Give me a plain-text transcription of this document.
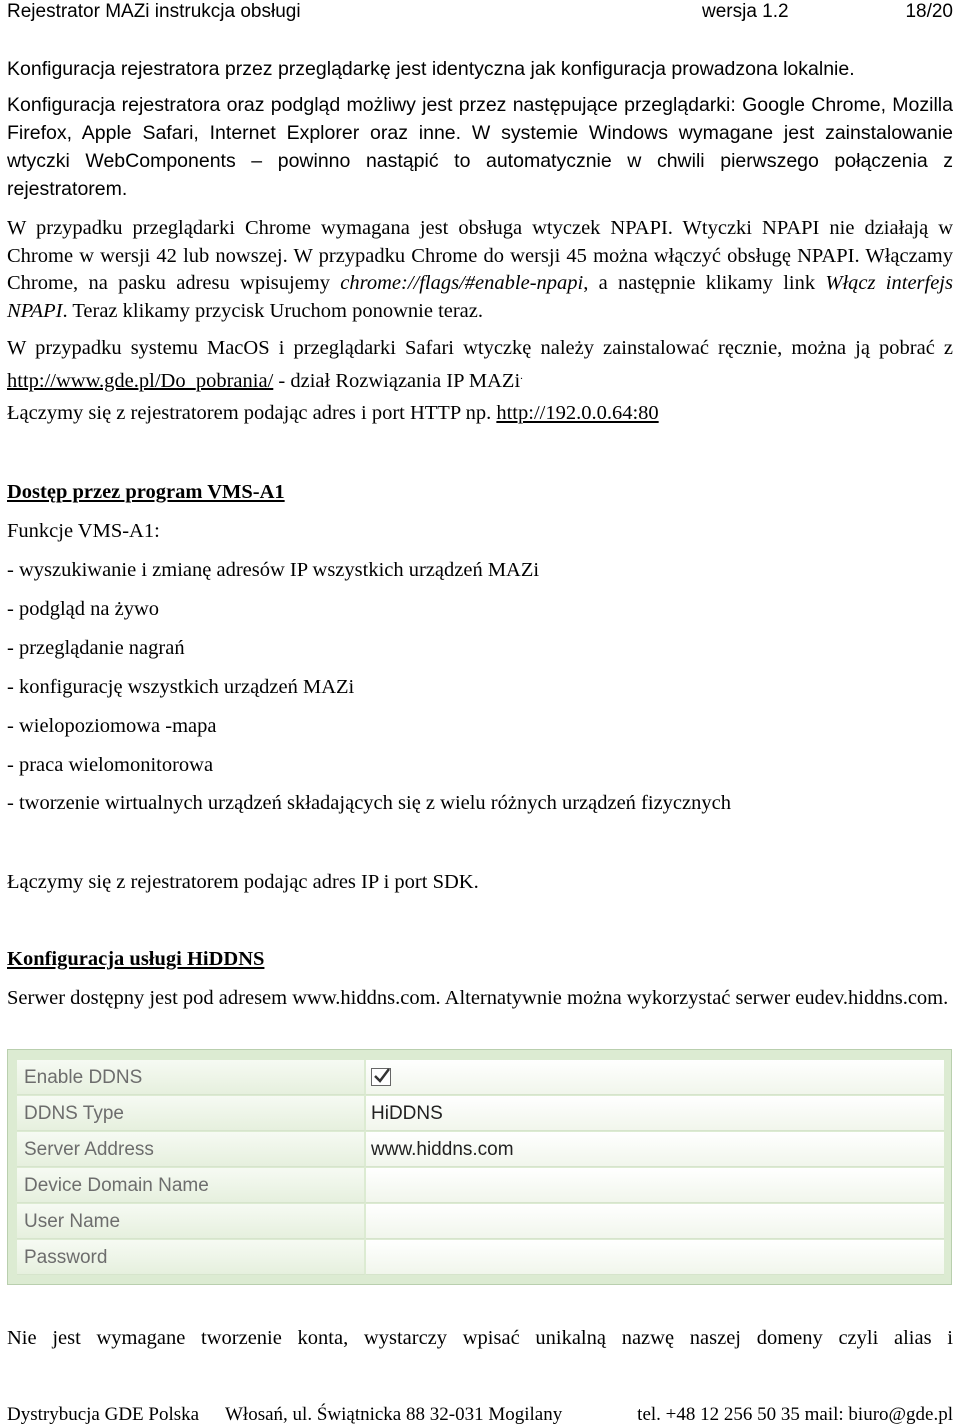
Rejestrator MAZi instrukcja obsługi	wersja 1.2	18/20

Konfiguracja rejestratora przez przeglądarkę jest identyczna jak konfiguracja prowadzona lokalnie.

Konfiguracja rejestratora oraz podgląd możliwy jest przez następujące przeglądarki: Google Chrome, Mozilla Firefox, Apple Safari, Internet Explorer oraz inne. W systemie Windows wymagane jest zainstalowanie wtyczki WebComponents – powinno nastąpić to automatycznie w chwili pierwszego połączenia z rejestratorem.

W przypadku przeglądarki Chrome wymagana jest obsługa wtyczek NPAPI. Wtyczki NPAPI nie działają w Chrome w wersji 42 lub nowszej. W przypadku Chrome do wersji 45 można włączyć obsługę NPAPI. Włączamy Chrome, na pasku adresu wpisujemy chrome://flags/#enable-npapi, a następnie klikamy link Włącz interfejs NPAPI. Teraz klikamy przycisk Uruchom ponownie teraz.

W przypadku systemu MacOS i przeglądarki Safari wtyczkę należy zainstalować ręcznie, można ją pobrać z http://www.gde.pl/Do_pobrania/ - dział Rozwiązania IP MAZi.

Łączymy się z rejestratorem podając adres i port HTTP np. http://192.0.0.64:80
Dostęp przez program VMS-A1
Funkcje VMS-A1:
- wyszukiwanie i zmianę adresów IP wszystkich urządzeń MAZi
- podgląd na żywo
- przeglądanie nagrań
- konfigurację wszystkich urządzeń MAZi
- wielopoziomowa -mapa
- praca wielomonitorowa
- tworzenie wirtualnych urządzeń składających się z wielu różnych urządzeń fizycznych
Łączymy się z rejestratorem podając adres IP i port SDK.
Konfiguracja usługi HiDDNS

Serwer dostępny jest pod adresem www.hiddns.com. Alternatywnie można wykorzystać serwer eudev.hiddns.com.

Enable DDNS
DDNS Type	HiDDNS
Server Address	www.hiddns.com
Device Domain Name
User Name
Password
Nie jest wymagane tworzenie konta, wystarczy wpisać unikalną nazwę naszej domeny czyli alias i
Dystrybucja GDE Polska Włosań, ul. Świątnicka 88 32-031 Mogilany	tel. +48 12 256 50 35 mail: biuro@gde.pl
